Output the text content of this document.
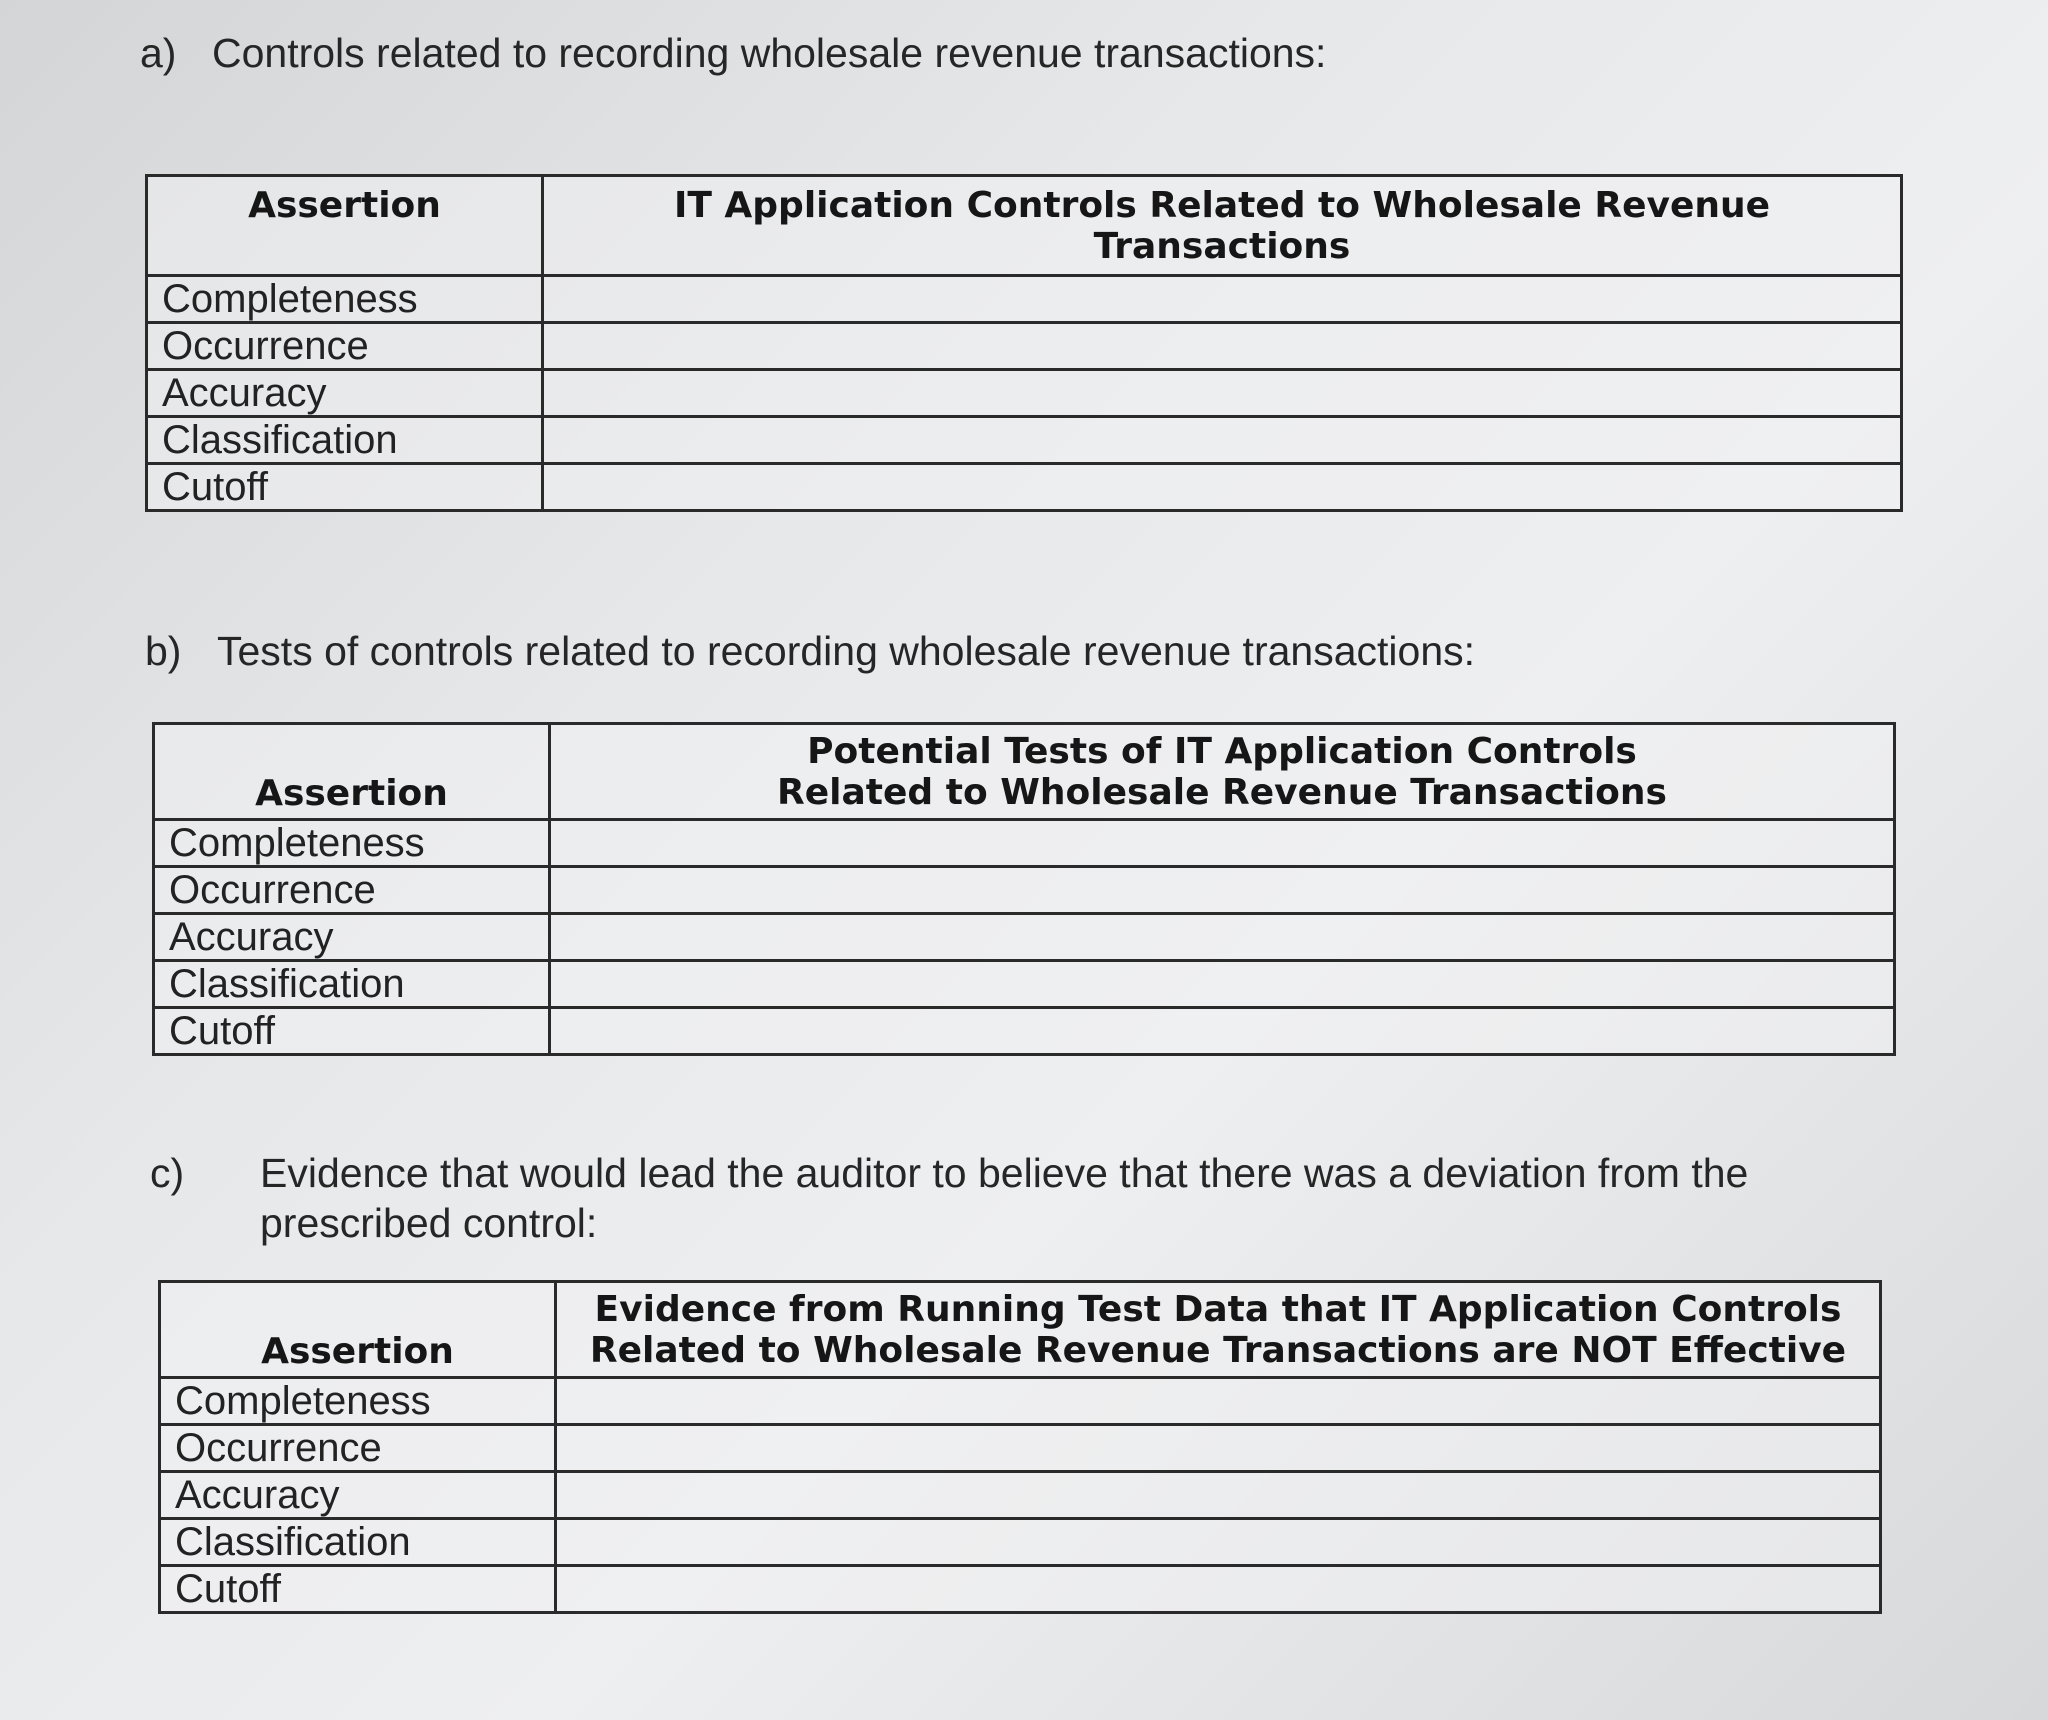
a) Controls related to recording wholesale revenue transactions:
Assertion	IT Application Controls Related to Wholesale Revenue Transactions
Completeness	
Occurrence	
Accuracy	
Classification	
Cutoff	
b) Tests of controls related to recording wholesale revenue transactions:
Assertion	Potential Tests of IT Application Controls
Related to Wholesale Revenue Transactions

Completeness	
Occurrence	
Accuracy	
Classification	
Cutoff	
c) Evidence that would lead the auditor to believe that there was a deviation from the
prescribed control:
Assertion	Evidence from Running Test Data that IT Application Controls
Related to Wholesale Revenue Transactions are NOT Effective

Completeness	
Occurrence	
Accuracy	
Classification	
Cutoff	
